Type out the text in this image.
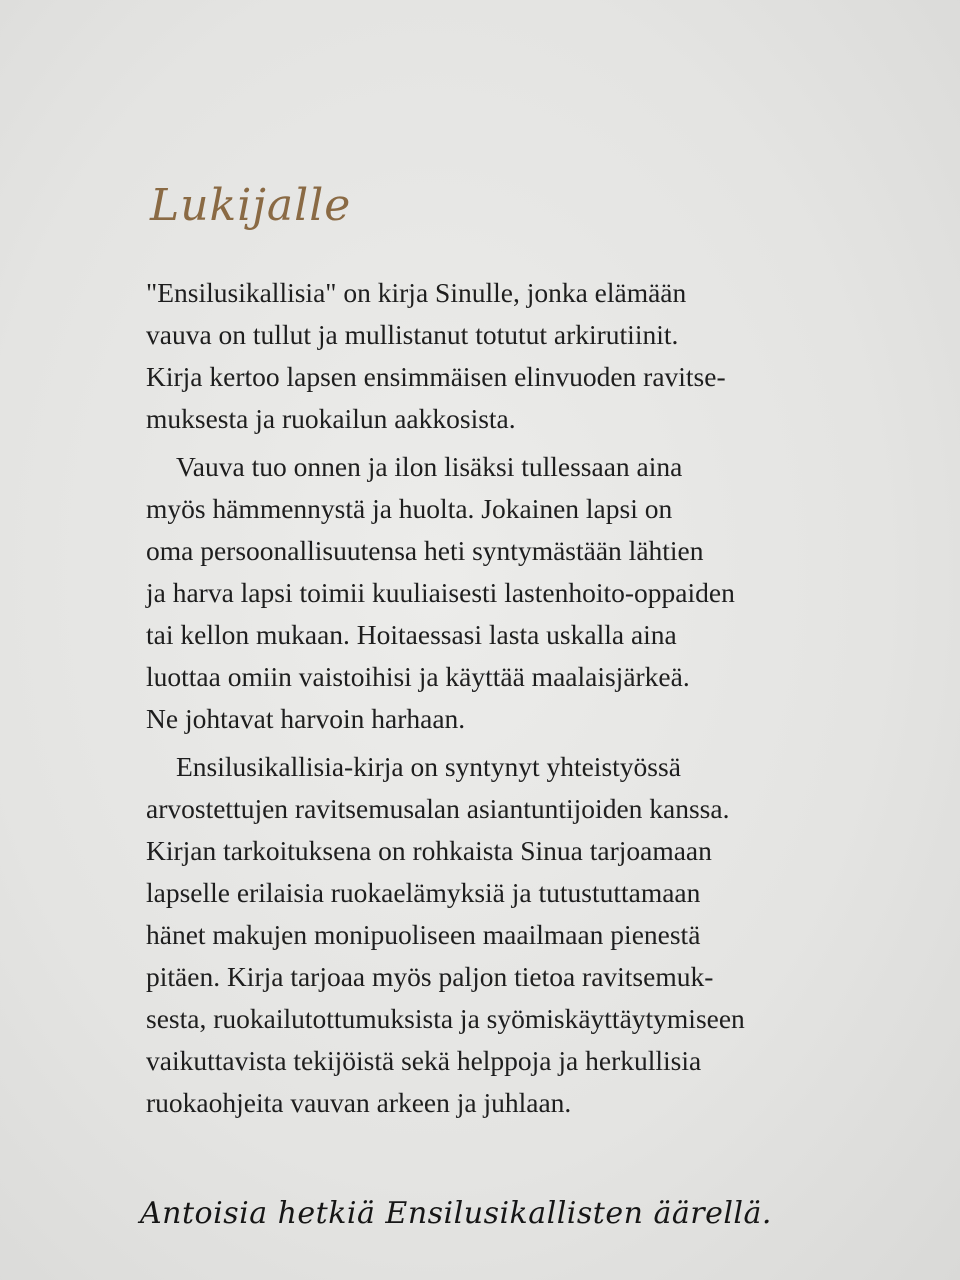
Lukijalle

"Ensilusikallisia" on kirja Sinulle, jonka elämään
vauva on tullut ja mullistanut totutut arkirutiinit.
Kirja kertoo lapsen ensimmäisen elinvuoden ravitse-
muksesta ja ruokailun aakkosista.

Vauva tuo onnen ja ilon lisäksi tullessaan aina
myös hämmennystä ja huolta. Jokainen lapsi on
oma persoonallisuutensa heti syntymästään lähtien
ja harva lapsi toimii kuuliaisesti lastenhoito-oppaiden
tai kellon mukaan. Hoitaessasi lasta uskalla aina
luottaa omiin vaistoihisi ja käyttää maalaisjärkeä.
Ne johtavat harvoin harhaan.

Ensilusikallisia-kirja on syntynyt yhteistyössä
arvostettujen ravitsemusalan asiantuntijoiden kanssa.
Kirjan tarkoituksena on rohkaista Sinua tarjoamaan
lapselle erilaisia ruokaelämyksiä ja tutustuttamaan
hänet makujen monipuoliseen maailmaan pienestä
pitäen. Kirja tarjoaa myös paljon tietoa ravitsemuk-
sesta, ruokailutottumuksista ja syömiskäyttäytymiseen
vaikuttavista tekijöistä sekä helppoja ja herkullisia
ruokaohjeita vauvan arkeen ja juhlaan.

Antoisia hetkiä Ensilusikallisten äärellä.
